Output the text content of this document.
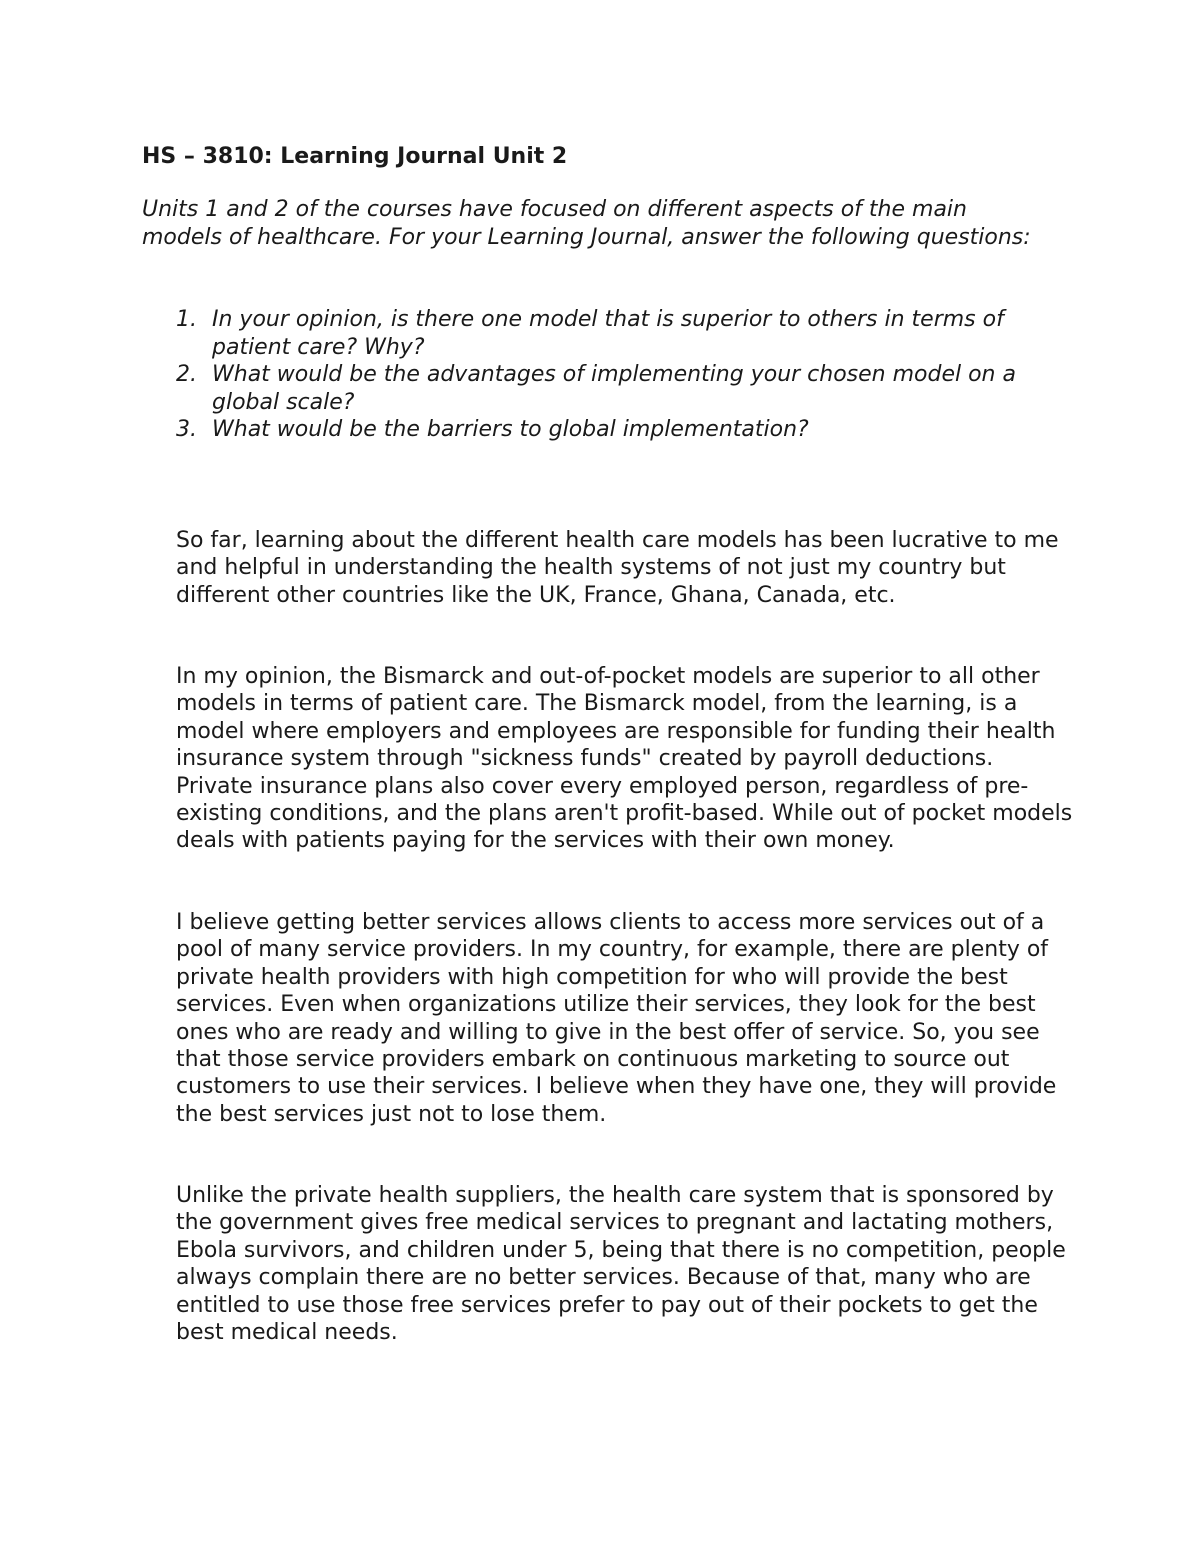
HS – 3810: Learning Journal Unit 2

Units 1 and 2 of the courses have focused on different aspects of the main models of healthcare. For your Learning Journal, answer the following questions:

1. In your opinion, is there one model that is superior to others in terms of patient care? Why?
2. What would be the advantages of implementing your chosen model on a global scale?
3. What would be the barriers to global implementation?

So far, learning about the different health care models has been lucrative to me and helpful in understanding the health systems of not just my country but different other countries like the UK, France, Ghana, Canada, etc.

In my opinion, the Bismarck and out-of-pocket models are superior to all other models in terms of patient care. The Bismarck model, from the learning, is a model where employers and employees are responsible for funding their health insurance system through "sickness funds" created by payroll deductions. Private insurance plans also cover every employed person, regardless of pre-existing conditions, and the plans aren't profit-based. While out of pocket models deals with patients paying for the services with their own money.

I believe getting better services allows clients to access more services out of a pool of many service providers. In my country, for example, there are plenty of private health providers with high competition for who will provide the best services. Even when organizations utilize their services, they look for the best ones who are ready and willing to give in the best offer of service. So, you see that those service providers embark on continuous marketing to source out customers to use their services. I believe when they have one, they will provide the best services just not to lose them.

Unlike the private health suppliers, the health care system that is sponsored by the government gives free medical services to pregnant and lactating mothers, Ebola survivors, and children under 5, being that there is no competition, people always complain there are no better services. Because of that, many who are entitled to use those free services prefer to pay out of their pockets to get the best medical needs.
